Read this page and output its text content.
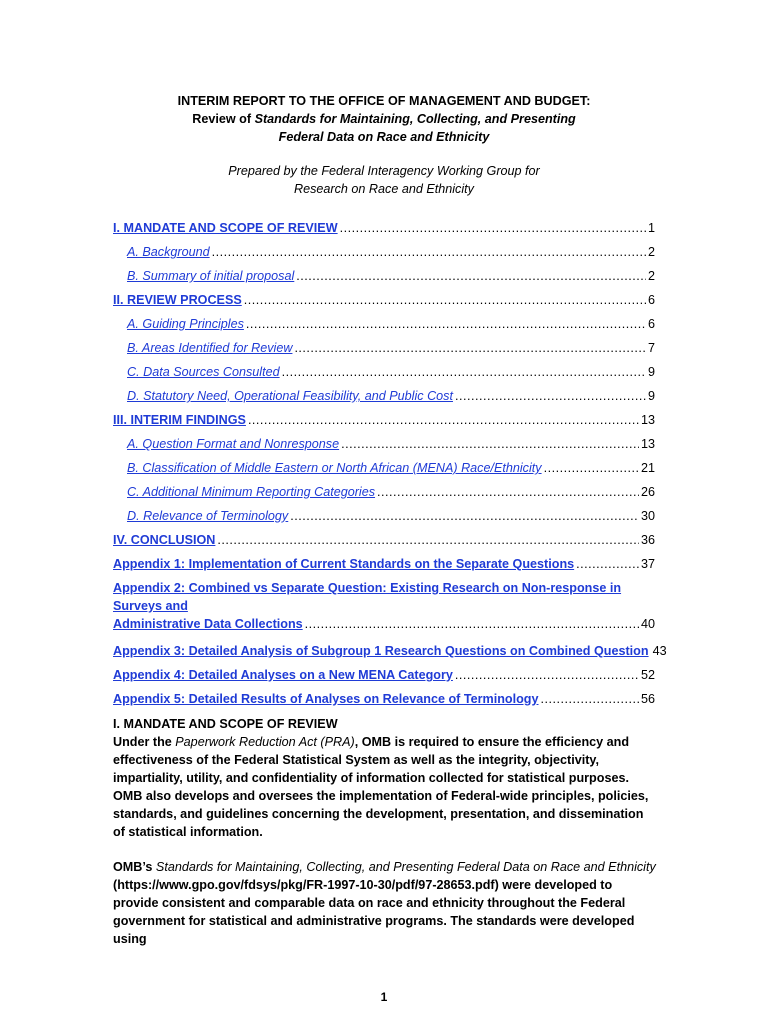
INTERIM REPORT TO THE OFFICE OF MANAGEMENT AND BUDGET:
Review of Standards for Maintaining, Collecting, and Presenting
Federal Data on Race and Ethnicity
Prepared by the Federal Interagency Working Group for
Research on Race and Ethnicity
I. MANDATE AND SCOPE OF REVIEW .....	1
A. Background .....	2
B. Summary of initial proposal .....	2
II. REVIEW PROCESS .....	6
A. Guiding Principles .....	6
B. Areas Identified for Review .....	7
C. Data Sources Consulted .....	9
D. Statutory Need, Operational Feasibility, and Public Cost .....	9
III. INTERIM FINDINGS .....	13
A. Question Format and Nonresponse .....	13
B. Classification of Middle Eastern or North African (MENA) Race/Ethnicity .....	21
C. Additional Minimum Reporting Categories .....	26
D. Relevance of Terminology .....	30
IV. CONCLUSION .....	36
Appendix 1: Implementation of Current Standards on the Separate Questions .....	37
Appendix 2: Combined vs Separate Question: Existing Research on Non-response in Surveys and
Administrative Data Collections .....	40
Appendix 3: Detailed Analysis of Subgroup 1 Research Questions on Combined Question 43
Appendix 4: Detailed Analyses on a New MENA Category .....	52
Appendix 5: Detailed Results of Analyses on Relevance of Terminology .....	56
I. MANDATE AND SCOPE OF REVIEW

Under the Paperwork Reduction Act (PRA), OMB is required to ensure the efficiency and effectiveness of the Federal Statistical System as well as the integrity, objectivity, impartiality, utility, and confidentiality of information collected for statistical purposes. OMB also develops and oversees the implementation of Federal-wide principles, policies, standards, and guidelines concerning the development, presentation, and dissemination of statistical information.

OMB’s Standards for Maintaining, Collecting, and Presenting Federal Data on Race and Ethnicity (https://www.gpo.gov/fdsys/pkg/FR-1997-10-30/pdf/97-28653.pdf) were developed to provide consistent and comparable data on race and ethnicity throughout the Federal government for statistical and administrative programs. The standards were developed using

1
